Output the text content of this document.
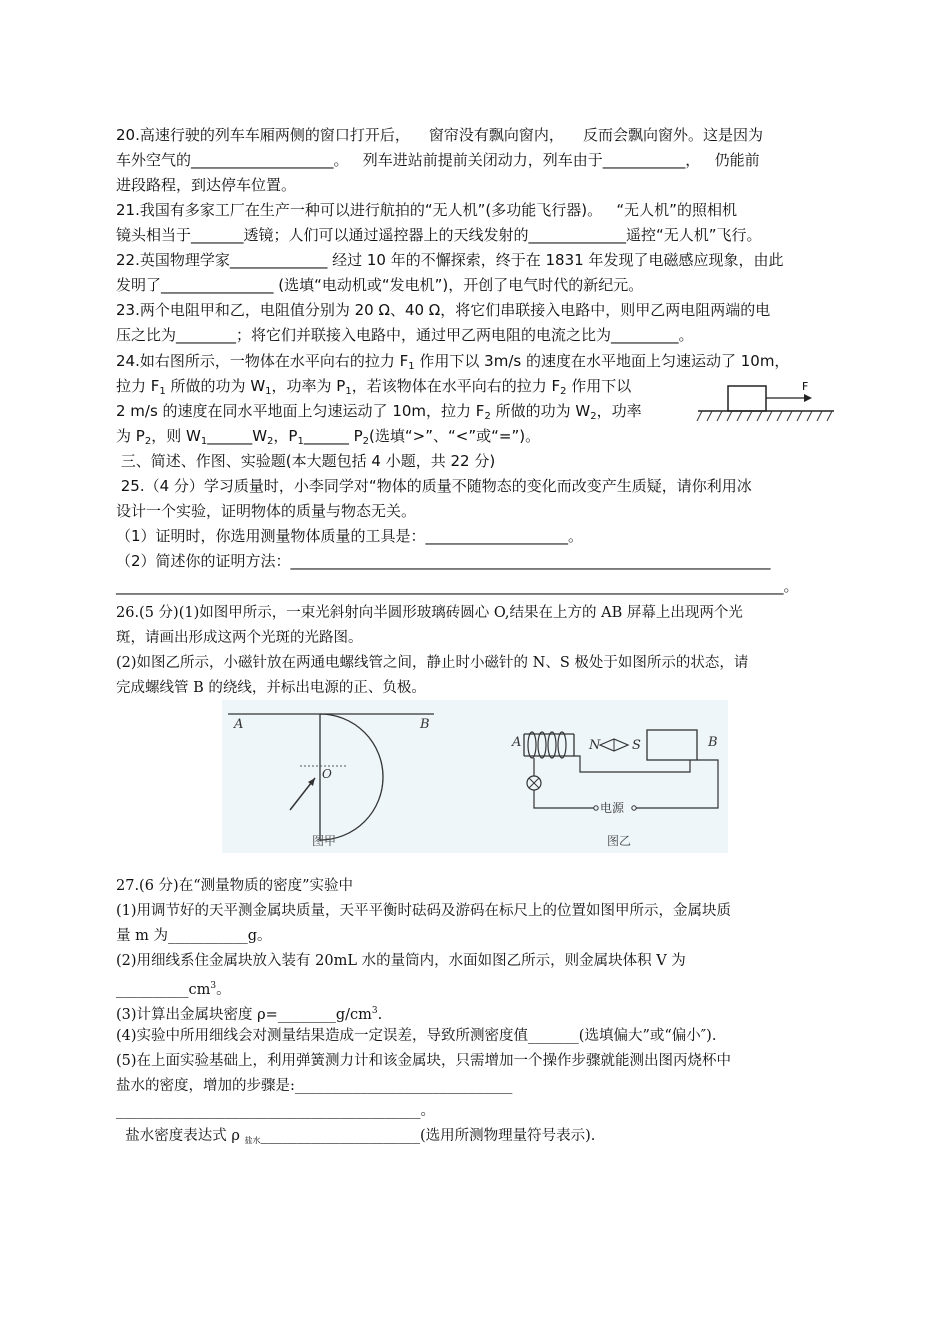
20.高速行驶的列车车厢两侧的窗口打开后，    窗帘没有飘向窗内，    反而会飘向窗外。这是因为
车外空气的___________________。   列车进站前提前关闭动力，列车由于___________，   仍能前
进段路程，到达停车位置。
21.我国有多家工厂在生产一种可以进行航拍的“无人机”(多功能飞行器)。   “无人机”的照相机
镜头相当于_______透镜；人们可以通过遥控器上的天线发射的_____________遥控“无人机”飞行。
22.英国物理学家_____________ 经过 10 年的不懈探索，终于在 1831 年发现了电磁感应现象，由此
发明了_______________ (选填“电动机或“发电机”)，开创了电气时代的新纪元。
23.两个电阻甲和乙，电阻值分别为 20 Ω、40 Ω，将它们串联接入电路中，则甲乙两电阻两端的电
压之比为________；将它们并联接入电路中，通过甲乙两电阻的电流之比为_________。
24.如右图所示，一物体在水平向右的拉力 $F_1$ 作用下以 3m/s 的速度在水平地面上匀速运动了 10m，
拉力 $F_1$ 所做的功为 $W_1$，功率为 $P_1$，若该物体在水平向右的拉力 $F_2$ 作用下以
2 m/s 的速度在同水平地面上匀速运动了 10m，拉力 $F_2$ 所做的功为 $W_2$，功率
为 $P_2$，则 $W_1\_\_\_\_\_\_W_2$，$P_1\_\_\_\_\_\_$ $P_2$(选填“>”、“<”或“=”)。
F
三、简述、作图、实验题(本大题包括 4 小题，共 22 分)
25.（4 分）学习质量时，小李同学对“物体的质量不随物态的变化而改变产生质疑，请你利用冰
设计一个实验，证明物体的质量与物态无关。
（1）证明时，你选用测量物体质量的工具是：___________________。
（2）简述你的证明方法：________________________________________________________________
_________________________________________________________________________________________。
26.(5 分)(1)如图甲所示，一束光斜射向半圆形玻璃砖圆心 O,结果在上方的 AB 屏幕上出现两个光
斑，请画出形成这两个光斑的光路图。
(2)如图乙所示，小磁针放在两通电螺线管之间，静止时小磁针的 N、S 极处于如图所示的状态，请
完成螺线管 B 的绕线，并标出电源的正、负极。
A	B
O
图甲
A	N S	B
电源
图乙
27.(6 分)在“测量物质的密度”实验中
(1)用调节好的天平测金属块质量，天平平衡时砝码及游码在标尺上的位置如图甲所示，金属块质
量 m 为___________g。
(2)用细线系住金属块放入装有 20mL 水的量筒内，水面如图乙所示，则金属块体积 V 为
$\_\_\_\_\_\_\_\_\_\_cm^3$。
(3)计算出金属块密度 $\rho=\_\_\_\_\_\_\_\_g/cm^3$.
(4)实验中所用细线会对测量结果造成一定误差，导致所测密度值_______(选填偏大”或“偏小″).
(5)在上面实验基础上，利用弹簧测力计和该金属块，只需增加一个操作步骤就能测出图丙烧杯中
盐水的密度，增加的步骤是:______________________________
__________________________________________。
盐水密度表达式 ρ $_{盐水}$______________________(选用所测物理量符号表示).
